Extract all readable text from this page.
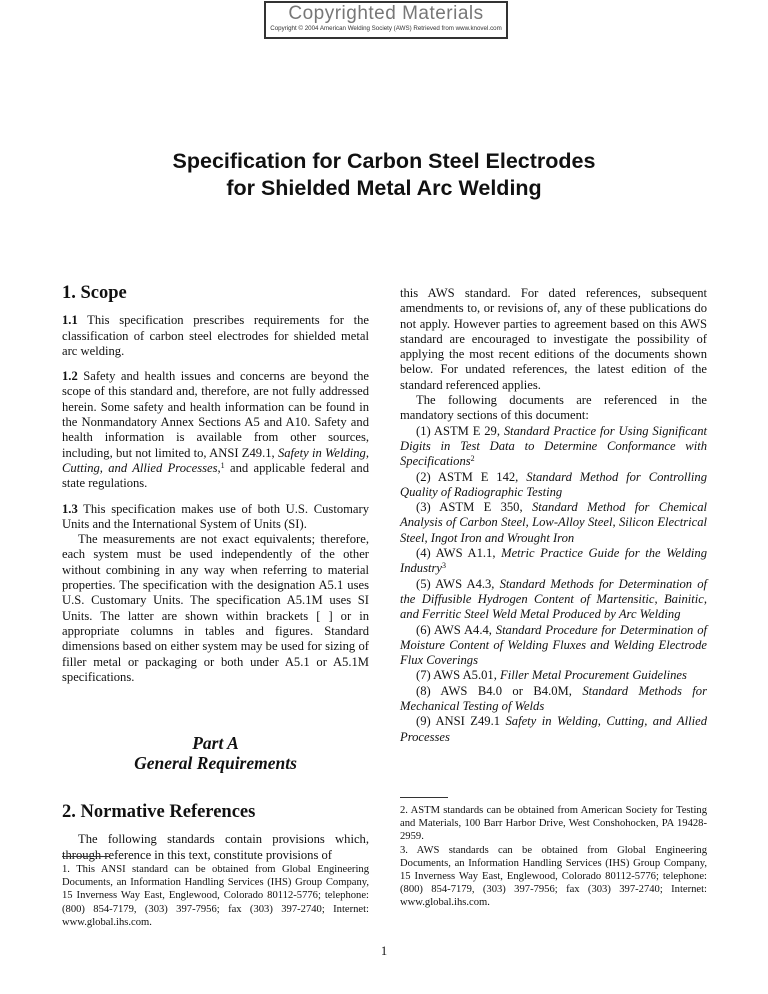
Copyrighted Materials
Copyright © 2004 American Welding Society (AWS) Retrieved from www.knovel.com
Specification for Carbon Steel Electrodes
for Shielded Metal Arc Welding

1. Scope

1.1 This specification prescribes requirements for the classification of carbon steel electrodes for shielded metal arc welding.

1.2 Safety and health issues and concerns are beyond the scope of this standard and, therefore, are not fully addressed herein. Some safety and health information can be found in the Nonmandatory Annex Sections A5 and A10. Safety and health information is available from other sources, including, but not limited to, ANSI Z49.1, Safety in Welding, Cutting, and Allied Processes,$^1$ and applicable federal and state regulations.

1.3 This specification makes use of both U.S. Customary Units and the International System of Units (SI).

The measurements are not exact equivalents; therefore, each system must be used independently of the other without combining in any way when referring to material properties. The specification with the designation A5.1 uses U.S. Customary Units. The specification A5.1M uses SI Units. The latter are shown within brackets [ ] or in appropriate columns in tables and figures. Standard dimensions based on either system may be used for sizing of filler metal or packaging or both under A5.1 or A5.1M specifications.

Part A
General Requirements

2. Normative References

The following standards contain provisions which, through reference in this text, constitute provisions of

1. This ANSI standard can be obtained from Global Engineering Documents, an Information Handling Services (IHS) Group Company, 15 Inverness Way East, Englewood, Colorado 80112-5776; telephone: (800) 854-7179, (303) 397-7956; fax (303) 397-2740; Internet: www.global.ihs.com.

this AWS standard. For dated references, subsequent amendments to, or revisions of, any of these publications do not apply. However parties to agreement based on this AWS standard are encouraged to investigate the possibility of applying the most recent editions of the documents shown below. For undated references, the latest edition of the standard referenced applies.

The following documents are referenced in the mandatory sections of this document:

(1) ASTM E 29, Standard Practice for Using Significant Digits in Test Data to Determine Conformance with Specifications$^2$

(2) ASTM E 142, Standard Method for Controlling Quality of Radiographic Testing

(3) ASTM E 350, Standard Method for Chemical Analysis of Carbon Steel, Low-Alloy Steel, Silicon Electrical Steel, Ingot Iron and Wrought Iron

(4) AWS A1.1, Metric Practice Guide for the Welding Industry$^3$

(5) AWS A4.3, Standard Methods for Determination of the Diffusible Hydrogen Content of Martensitic, Bainitic, and Ferritic Steel Weld Metal Produced by Arc Welding

(6) AWS A4.4, Standard Procedure for Determination of Moisture Content of Welding Fluxes and Welding Electrode Flux Coverings

(7) AWS A5.01, Filler Metal Procurement Guidelines

(8) AWS B4.0 or B4.0M, Standard Methods for Mechanical Testing of Welds

(9) ANSI Z49.1 Safety in Welding, Cutting, and Allied Processes

2. ASTM standards can be obtained from American Society for Testing and Materials, 100 Barr Harbor Drive, West Conshohocken, PA 19428-2959.

3. AWS standards can be obtained from Global Engineering Documents, an Information Handling Services (IHS) Group Company, 15 Inverness Way East, Englewood, Colorado 80112-5776; telephone: (800) 854-7179, (303) 397-7956; fax (303) 397-2740; Internet: www.global.ihs.com.

1
